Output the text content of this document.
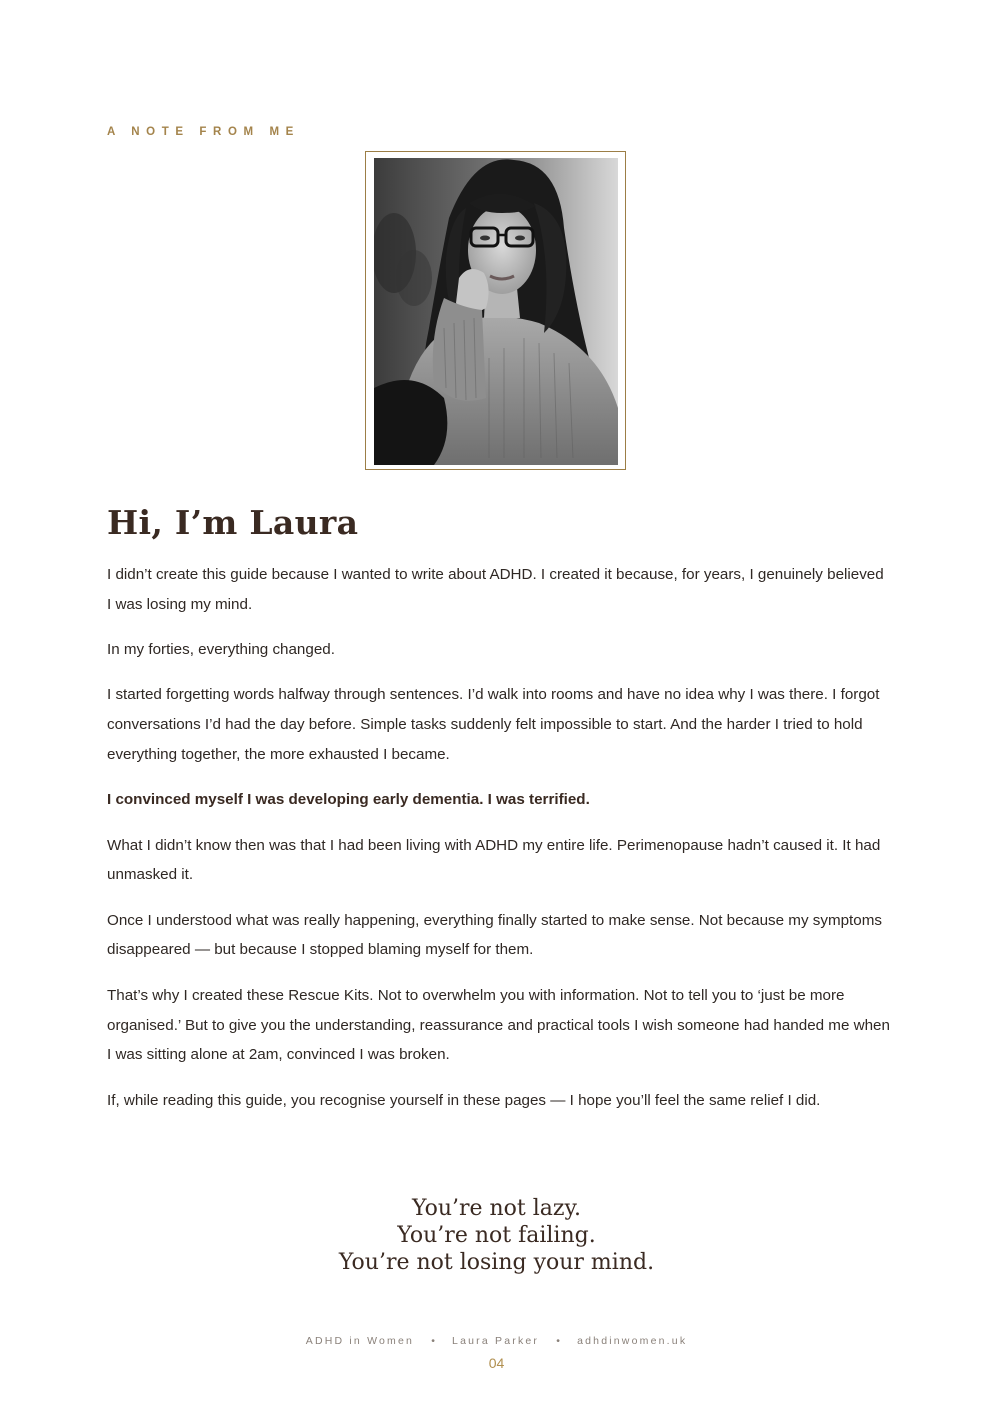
A NOTE FROM ME
Hi, I’m Laura

I didn’t create this guide because I wanted to write about ADHD. I created it because, for years, I genuinely believed I was losing my mind.

In my forties, everything changed.

I started forgetting words halfway through sentences. I’d walk into rooms and have no idea why I was there. I forgot conversations I’d had the day before. Simple tasks suddenly felt impossible to start. And the harder I tried to hold everything together, the more exhausted I became.

I convinced myself I was developing early dementia. I was terrified.

What I didn’t know then was that I had been living with ADHD my entire life. Perimenopause hadn’t caused it. It had unmasked it.

Once I understood what was really happening, everything finally started to make sense. Not because my symptoms disappeared — but because I stopped blaming myself for them.

That’s why I created these Rescue Kits. Not to overwhelm you with information. Not to tell you to ‘just be more organised.’ But to give you the understanding, reassurance and practical tools I wish someone had handed me when I was sitting alone at 2am, convinced I was broken.

If, while reading this guide, you recognise yourself in these pages — I hope you’ll feel the same relief I did.

You’re not lazy.
You’re not failing.
You’re not losing your mind.
ADHD in Women • Laura Parker • adhdinwomen.uk
04
